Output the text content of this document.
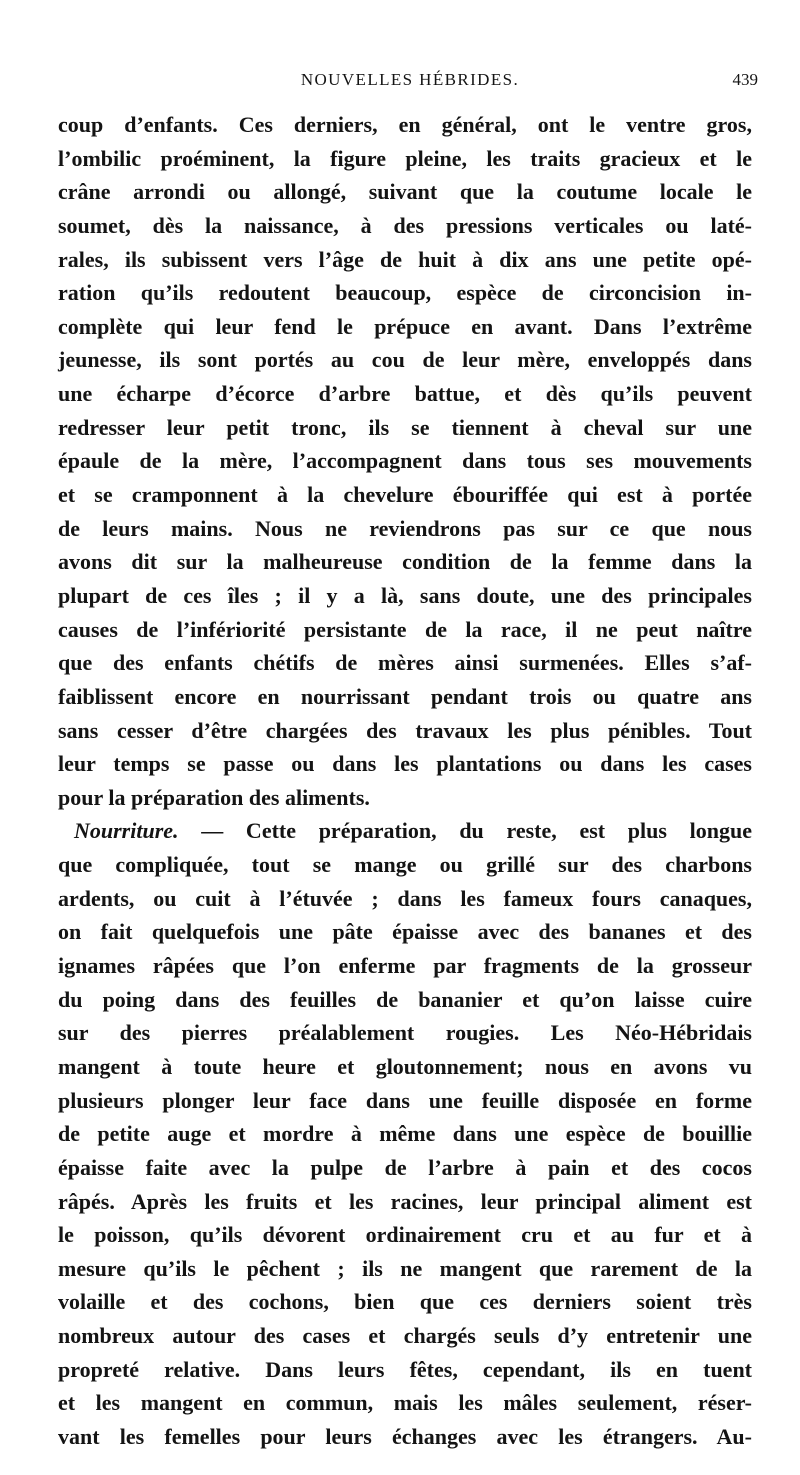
NOUVELLES HÉBRIDES.	439
coup d’enfants. Ces derniers, en général, ont le ventre gros,
l’ombilic proéminent, la figure pleine, les traits gracieux et le
crâne arrondi ou allongé, suivant que la coutume locale le
soumet, dès la naissance, à des pressions verticales ou laté-
rales, ils subissent vers l’âge de huit à dix ans une petite opé-
ration qu’ils redoutent beaucoup, espèce de circoncision in-
complète qui leur fend le prépuce en avant. Dans l’extrême
jeunesse, ils sont portés au cou de leur mère, enveloppés dans
une écharpe d’écorce d’arbre battue, et dès qu’ils peuvent
redresser leur petit tronc, ils se tiennent à cheval sur une
épaule de la mère, l’accompagnent dans tous ses mouvements
et se cramponnent à la chevelure ébouriffée qui est à portée
de leurs mains. Nous ne reviendrons pas sur ce que nous
avons dit sur la malheureuse condition de la femme dans la
plupart de ces îles ; il y a là, sans doute, une des principales
causes de l’infériorité persistante de la race, il ne peut naître
que des enfants chétifs de mères ainsi surmenées. Elles s’af-
faiblissent encore en nourrissant pendant trois ou quatre ans
sans cesser d’être chargées des travaux les plus pénibles. Tout
leur temps se passe ou dans les plantations ou dans les cases
pour la préparation des aliments.
Nourriture. — Cette préparation, du reste, est plus longue
que compliquée, tout se mange ou grillé sur des charbons
ardents, ou cuit à l’étuvée ; dans les fameux fours canaques,
on fait quelquefois une pâte épaisse avec des bananes et des
ignames râpées que l’on enferme par fragments de la grosseur
du poing dans des feuilles de bananier et qu’on laisse cuire
sur des pierres préalablement rougies. Les Néo-Hébridais
mangent à toute heure et gloutonnement; nous en avons vu
plusieurs plonger leur face dans une feuille disposée en forme
de petite auge et mordre à même dans une espèce de bouillie
épaisse faite avec la pulpe de l’arbre à pain et des cocos
râpés. Après les fruits et les racines, leur principal aliment est
le poisson, qu’ils dévorent ordinairement cru et au fur et à
mesure qu’ils le pêchent ; ils ne mangent que rarement de la
volaille et des cochons, bien que ces derniers soient très
nombreux autour des cases et chargés seuls d’y entretenir une
propreté relative. Dans leurs fêtes, cependant, ils en tuent
et les mangent en commun, mais les mâles seulement, réser-
vant les femelles pour leurs échanges avec les étrangers. Au-
